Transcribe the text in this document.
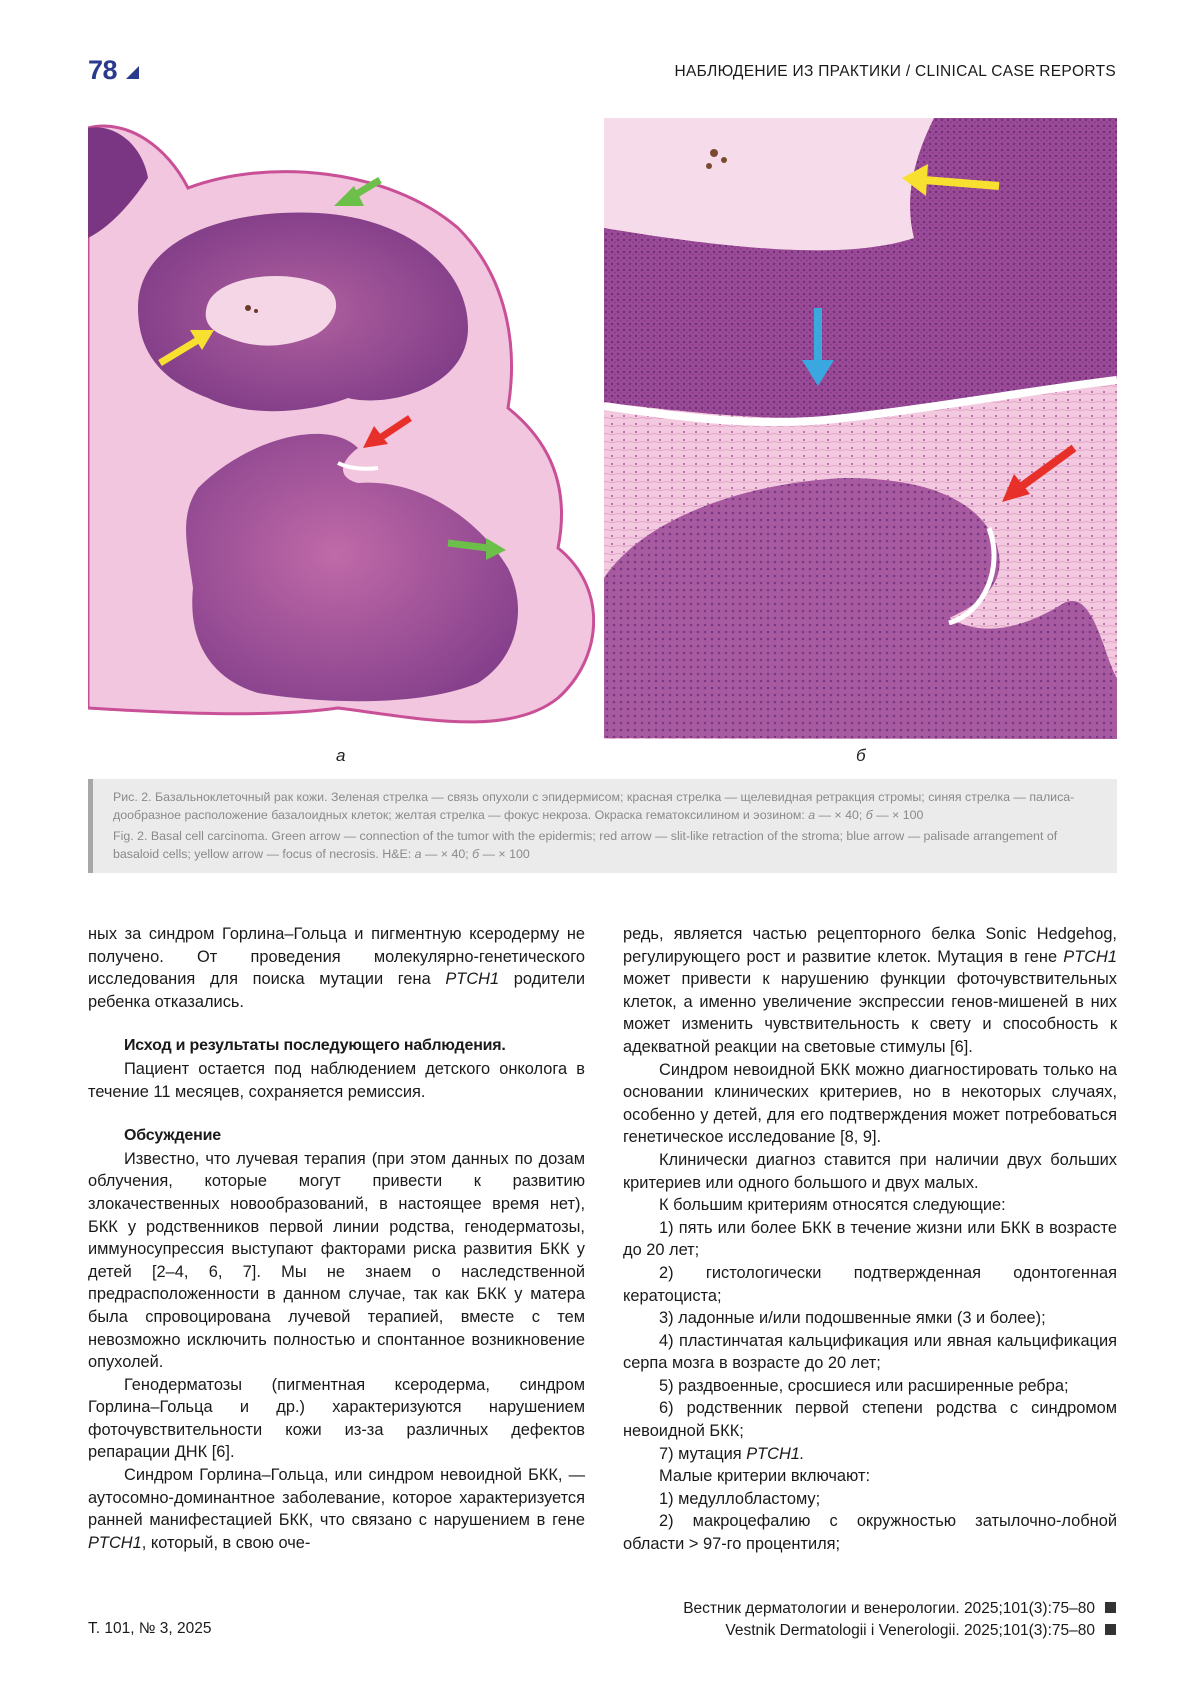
78	НАБЛЮДЕНИЕ ИЗ ПРАКТИКИ / CLINICAL CASE REPORTS
а	б

Рис. 2. Базальноклеточный рак кожи. Зеленая стрелка — связь опухоли с эпидермисом; красная стрелка — щелевидная ретракция стромы; синяя стрелка — палиса-дообразное расположение базалоидных клеток; желтая стрелка — фокус некроза. Окраска гематоксилином и эозином: а — × 40; б — × 100

Fig. 2. Basal cell carcinoma. Green arrow — connection of the tumor with the epidermis; red arrow — slit-like retraction of the stroma; blue arrow — palisade arrangement of basaloid cells; yellow arrow — focus of necrosis. H&E: а — × 40; б — × 100

ных за синдром Горлина–Гольца и пигментную ксеродерму не получено. От проведения молекулярно-генетического исследования для поиска мутации гена PTCH1 родители ребенка отказались.

Исход и результаты последующего наблюдения.

Пациент остается под наблюдением детского онколога в течение 11 месяцев, сохраняется ремиссия.

Обсуждение

Известно, что лучевая терапия (при этом данных по дозам облучения, которые могут привести к развитию злокачественных новообразований, в настоящее время нет), БКК у родственников первой линии родства, генодерматозы, иммуносупрессия выступают факторами риска развития БКК у детей [2–4, 6, 7]. Мы не знаем о наследственной предрасположенности в данном случае, так как БКК у матера была спровоцирована лучевой терапией, вместе с тем невозможно исключить полностью и спонтанное возникновение опухолей.

Генодерматозы (пигментная ксеродерма, синдром Горлина–Гольца и др.) характеризуются нарушением фоточувствительности кожи из-за различных дефектов репарации ДНК [6].

Синдром Горлина–Гольца, или синдром невоидной БКК, — аутосомно-доминантное заболевание, которое характеризуется ранней манифестацией БКК, что связано с нарушением в гене PTCH1, который, в свою оче-

редь, является частью рецепторного белка Sonic Hedgehog, регулирующего рост и развитие клеток. Мутация в гене PTCH1 может привести к нарушению функции фоточувствительных клеток, а именно увеличение экспрессии генов-мишеней в них может изменить чувствительность к свету и способность к адекватной реакции на световые стимулы [6].

Синдром невоидной БКК можно диагностировать только на основании клинических критериев, но в некоторых случаях, особенно у детей, для его подтверждения может потребоваться генетическое исследование [8, 9].

Клинически диагноз ставится при наличии двух больших критериев или одного большого и двух малых.

К большим критериям относятся следующие:

1) пять или более БКК в течение жизни или БКК в возрасте до 20 лет;

2) гистологически подтвержденная одонтогенная кератоциста;

3) ладонные и/или подошвенные ямки (3 и более);

4) пластинчатая кальцификация или явная кальцификация серпа мозга в возрасте до 20 лет;

5) раздвоенные, сросшиеся или расширенные ребра;

6) родственник первой степени родства с синдромом невоидной БКК;

7) мутация PTCH1.

Малые критерии включают:

1) медуллобластому;

2) макроцефалию с окружностью затылочно-лобной области > 97-го процентиля;

Т. 101, № 3, 2025
Вестник дерматологии и венерологии. 2025;101(3):75–80
Vestnik Dermatologii i Venerologii. 2025;101(3):75–80
